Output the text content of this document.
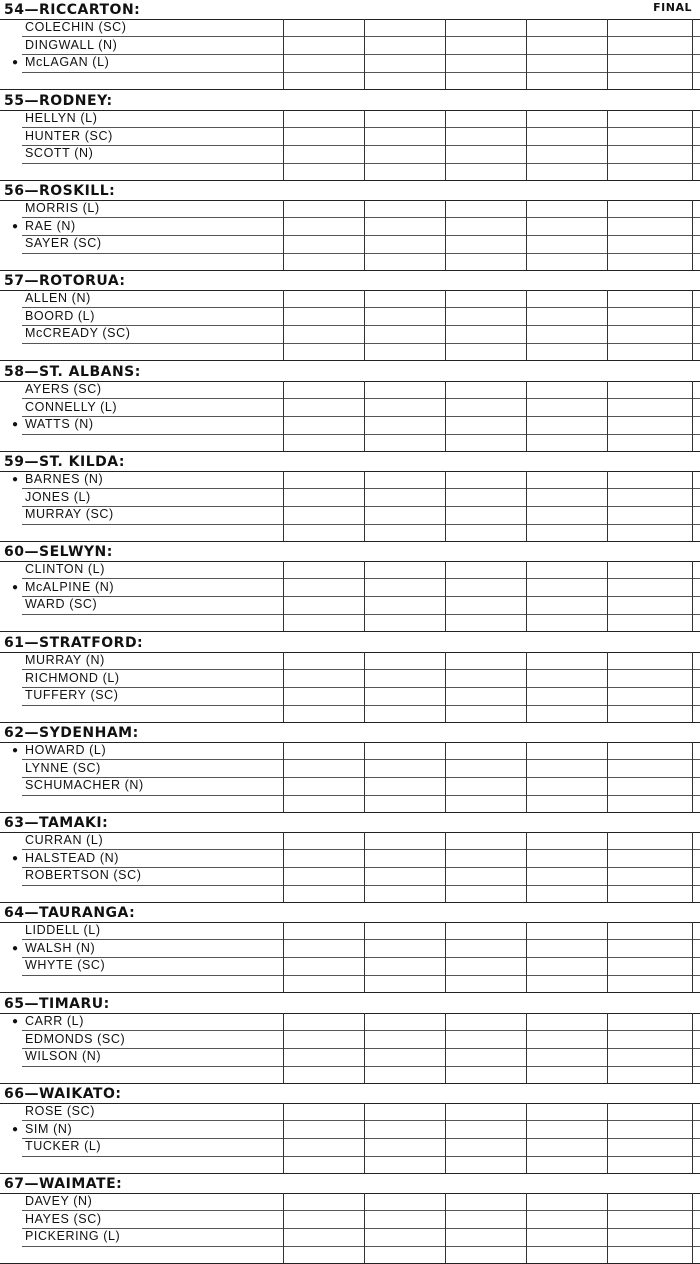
FINAL
54—RICCARTON:
COLECHIN (SC)
DINGWALL (N)
● McLAGAN (L)
55—RODNEY:
HELLYN (L)
HUNTER (SC)
SCOTT (N)
56—ROSKILL:
MORRIS (L)
● RAE (N)
SAYER (SC)
57—ROTORUA:
ALLEN (N)
BOORD (L)
McCREADY (SC)
58—ST. ALBANS:
AYERS (SC)
CONNELLY (L)
● WATTS (N)
59—ST. KILDA:
● BARNES (N)
JONES (L)
MURRAY (SC)
60—SELWYN:
CLINTON (L)
● McALPINE (N)
WARD (SC)
61—STRATFORD:
MURRAY (N)
RICHMOND (L)
TUFFERY (SC)
62—SYDENHAM:
● HOWARD (L)
LYNNE (SC)
SCHUMACHER (N)
63—TAMAKI:
CURRAN (L)
● HALSTEAD (N)
ROBERTSON (SC)
64—TAURANGA:
LIDDELL (L)
● WALSH (N)
WHYTE (SC)
65—TIMARU:
● CARR (L)
EDMONDS (SC)
WILSON (N)
66—WAIKATO:
ROSE (SC)
● SIM (N)
TUCKER (L)
67—WAIMATE:
DAVEY (N)
HAYES (SC)
PICKERING (L)
